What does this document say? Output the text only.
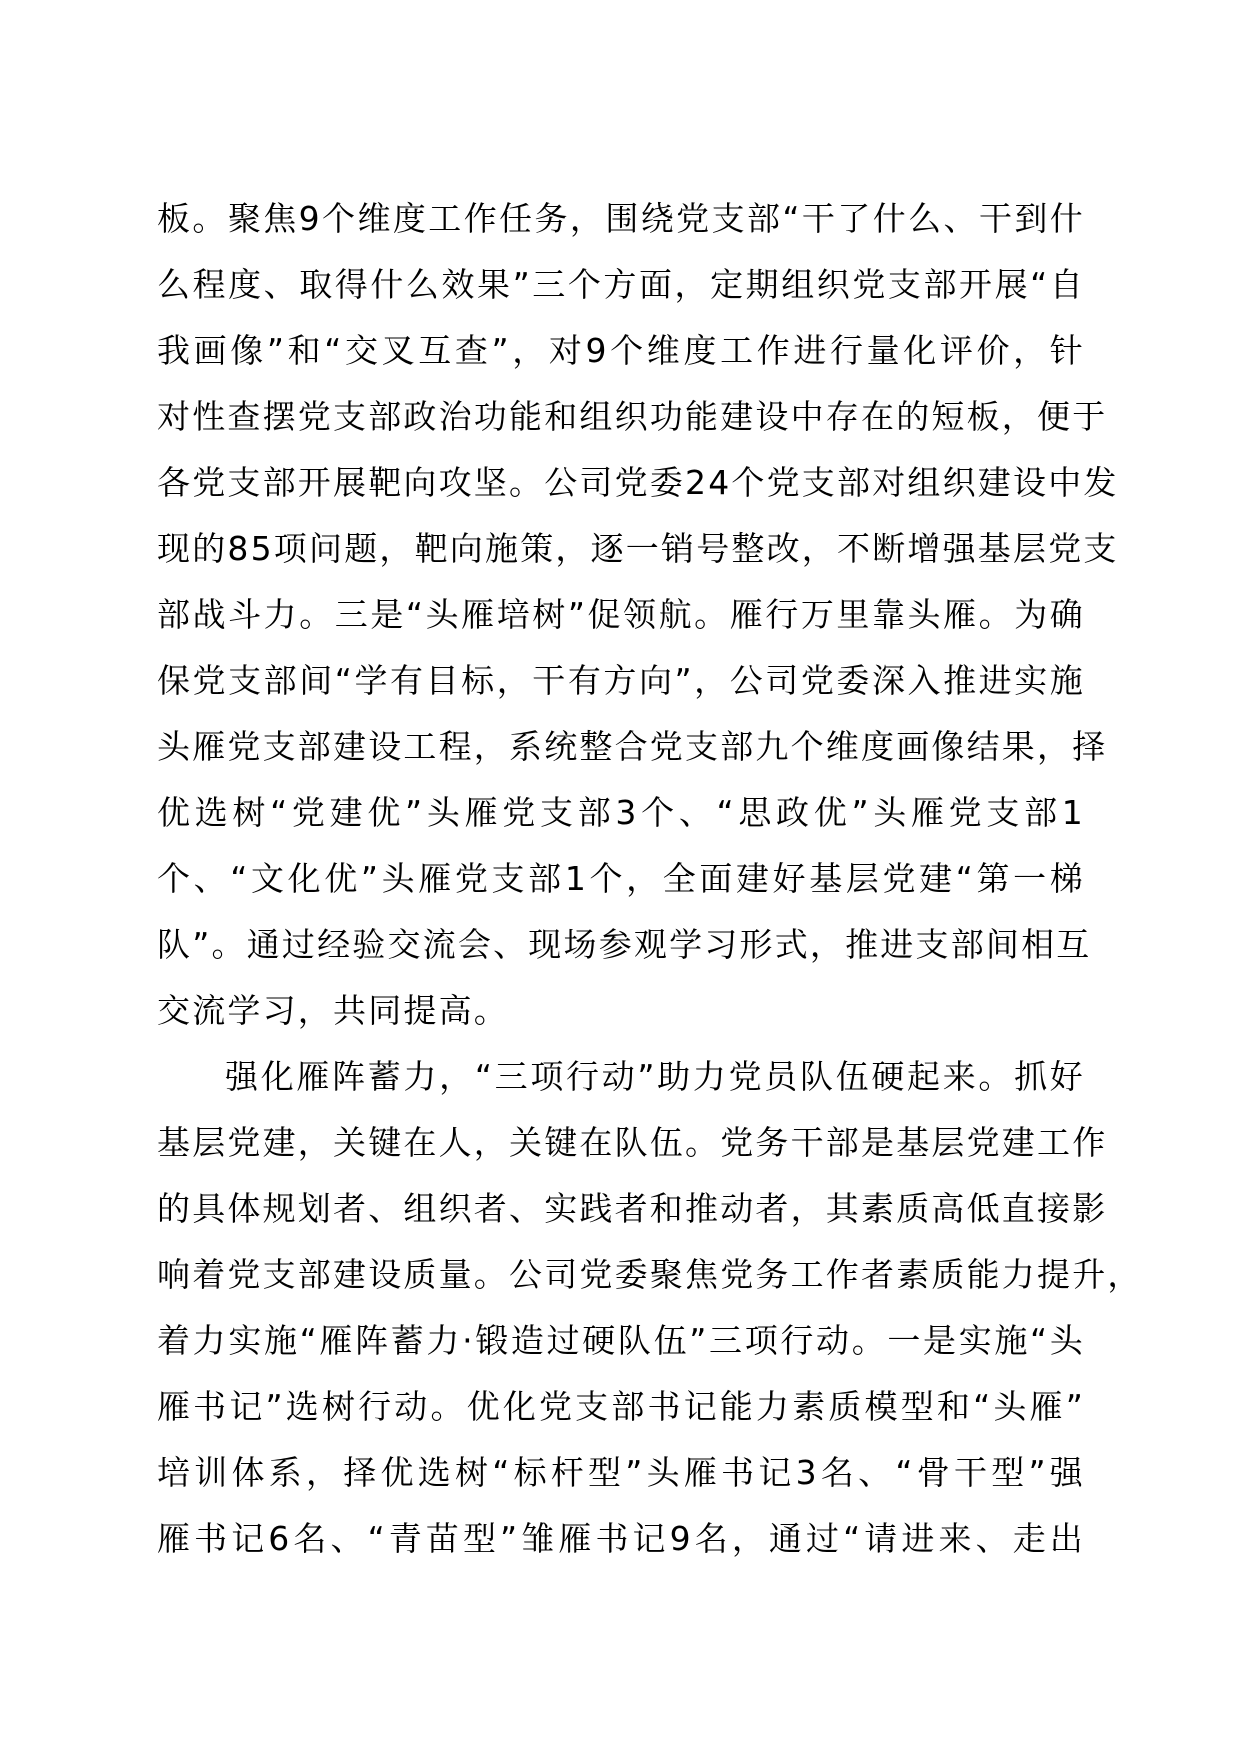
板。聚焦9个维度工作任务，围绕党支部“干了什么、干到什
么程度、取得什么效果”三个方面，定期组织党支部开展“自
我画像”和“交叉互查”，对9个维度工作进行量化评价，针
对性查摆党支部政治功能和组织功能建设中存在的短板，便于
各党支部开展靶向攻坚。公司党委24个党支部对组织建设中发
现的85项问题，靶向施策，逐一销号整改，不断增强基层党支
部战斗力。三是“头雁培树”促领航。雁行万里靠头雁。为确
保党支部间“学有目标，干有方向”，公司党委深入推进实施
头雁党支部建设工程，系统整合党支部九个维度画像结果，择
优选树“党建优”头雁党支部3个、“思政优”头雁党支部1
个、“文化优”头雁党支部1个，全面建好基层党建“第一梯
队”。通过经验交流会、现场参观学习形式，推进支部间相互
交流学习，共同提高。
强化雁阵蓄力，“三项行动”助力党员队伍硬起来。抓好
基层党建，关键在人，关键在队伍。党务干部是基层党建工作
的具体规划者、组织者、实践者和推动者，其素质高低直接影
响着党支部建设质量。公司党委聚焦党务工作者素质能力提升，
着力实施“雁阵蓄力·锻造过硬队伍”三项行动。一是实施“头
雁书记”选树行动。优化党支部书记能力素质模型和“头雁”
培训体系，择优选树“标杆型”头雁书记3名、“骨干型”强
雁书记6名、“青苗型”雏雁书记9名，通过“请进来、走出
